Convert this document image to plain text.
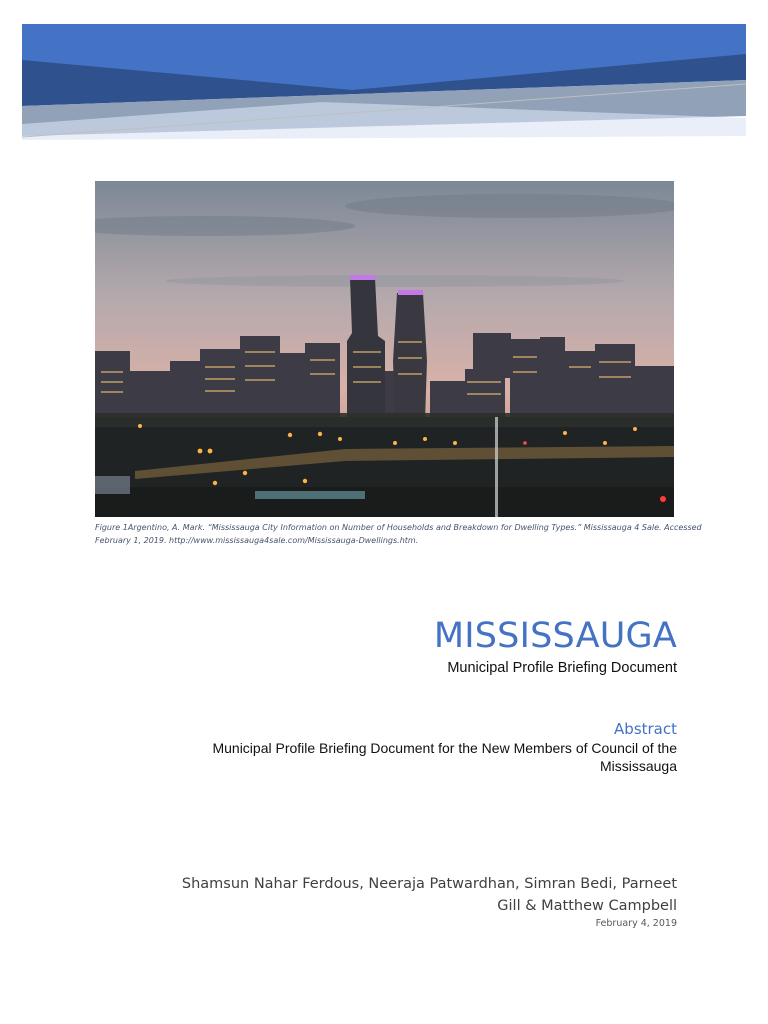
Figure 1Argentino, A. Mark. “Mississauga City Information on Number of Households and Breakdown for Dwelling Types.” Mississauga 4 Sale. Accessed
February 1, 2019. http://www.mississauga4sale.com/Mississauga-Dwellings.htm.
MISSISSAUGA
Municipal Profile Briefing Document
Abstract
Municipal Profile Briefing Document for the New Members of Council of the
Mississauga
Shamsun Nahar Ferdous, Neeraja Patwardhan, Simran Bedi, Parneet
Gill & Matthew Campbell
February 4, 2019
